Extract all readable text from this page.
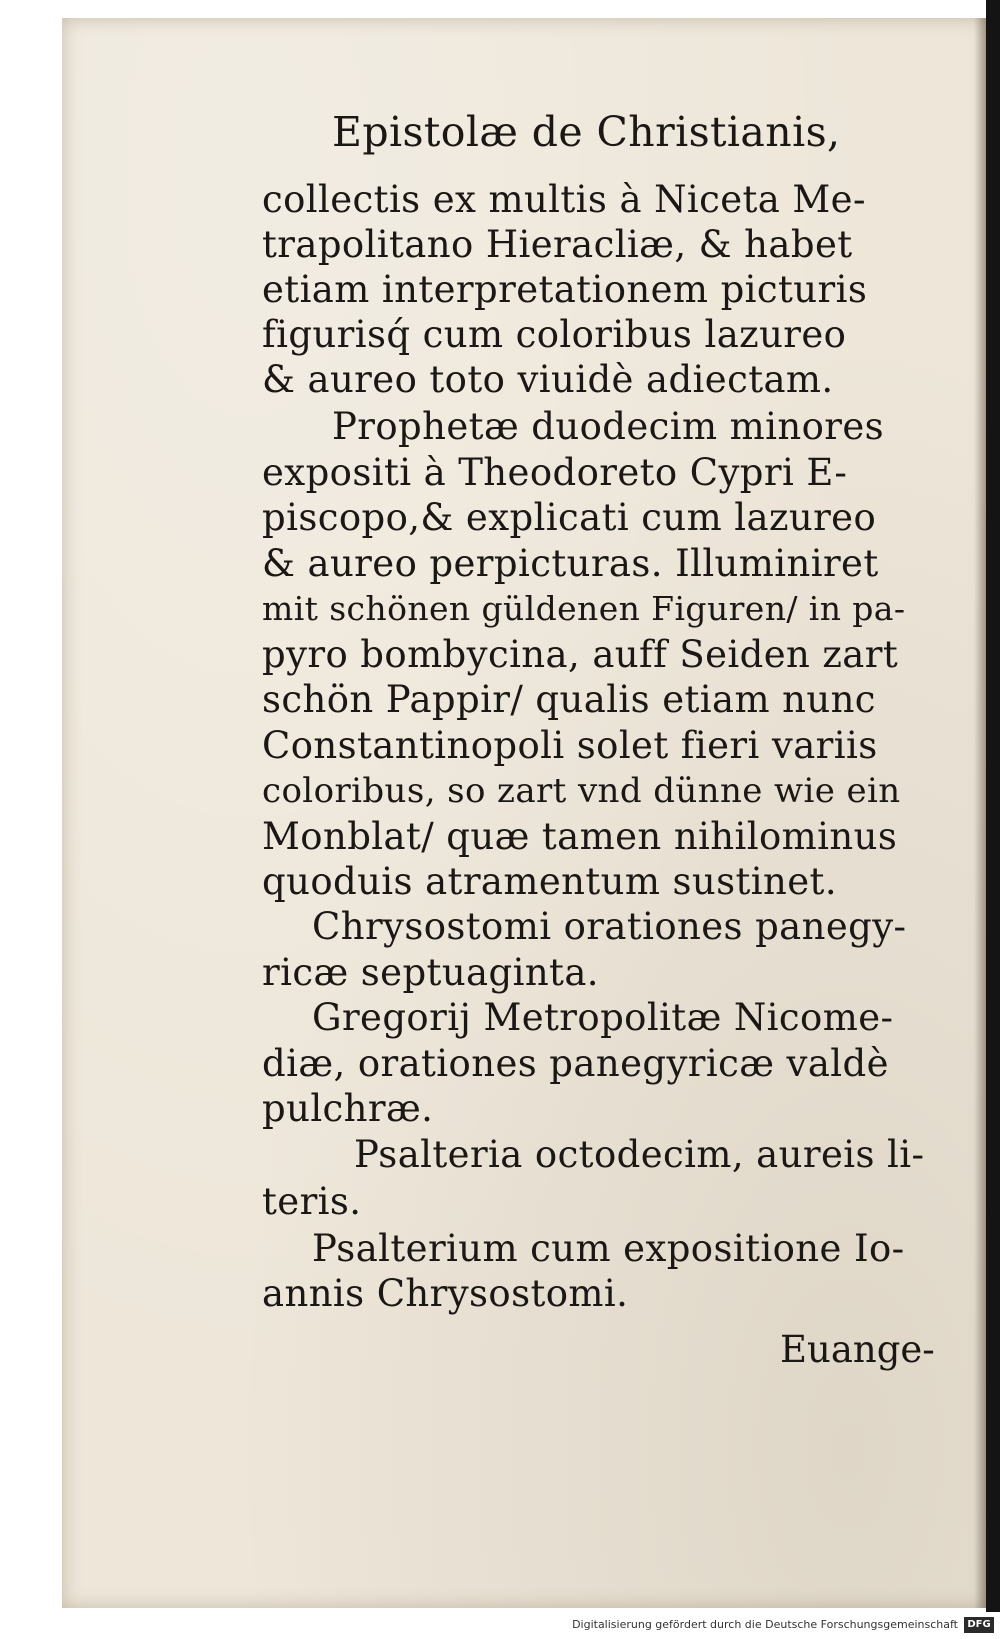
Epistolæ de Christianis,
collectis ex multis à Niceta Me-
trapolitano Hieracliæ, & habet
etiam interpretationem picturis
figurisq́ cum coloribus lazureo
& aureo toto viuidè adiectam.
Prophetæ duodecim minores
expositi à Theodoreto Cypri E-
piscopo,& explicati cum lazureo
& aureo perpicturas. Illuminiret
mit schönen güldenen Figuren/ in pa-
pyro bombycina, auff Seiden zart
schön Pappir/ qualis etiam nunc
Constantinopoli solet fieri variis
coloribus, so zart vnd dünne wie ein
Monblat/ quæ tamen nihilominus
quoduis atramentum sustinet.
Chrysostomi orationes panegy-
ricæ septuaginta.
Gregorij Metropolitæ Nicome-
diæ, orationes panegyricæ valdè
pulchræ.
Psalteria octodecim, aureis li-
teris.
Psalterium cum expositione Io-
annis Chrysostomi.
Euange-
Digitalisierung gefördert durch die Deutsche Forschungsgemeinschaft DFG
